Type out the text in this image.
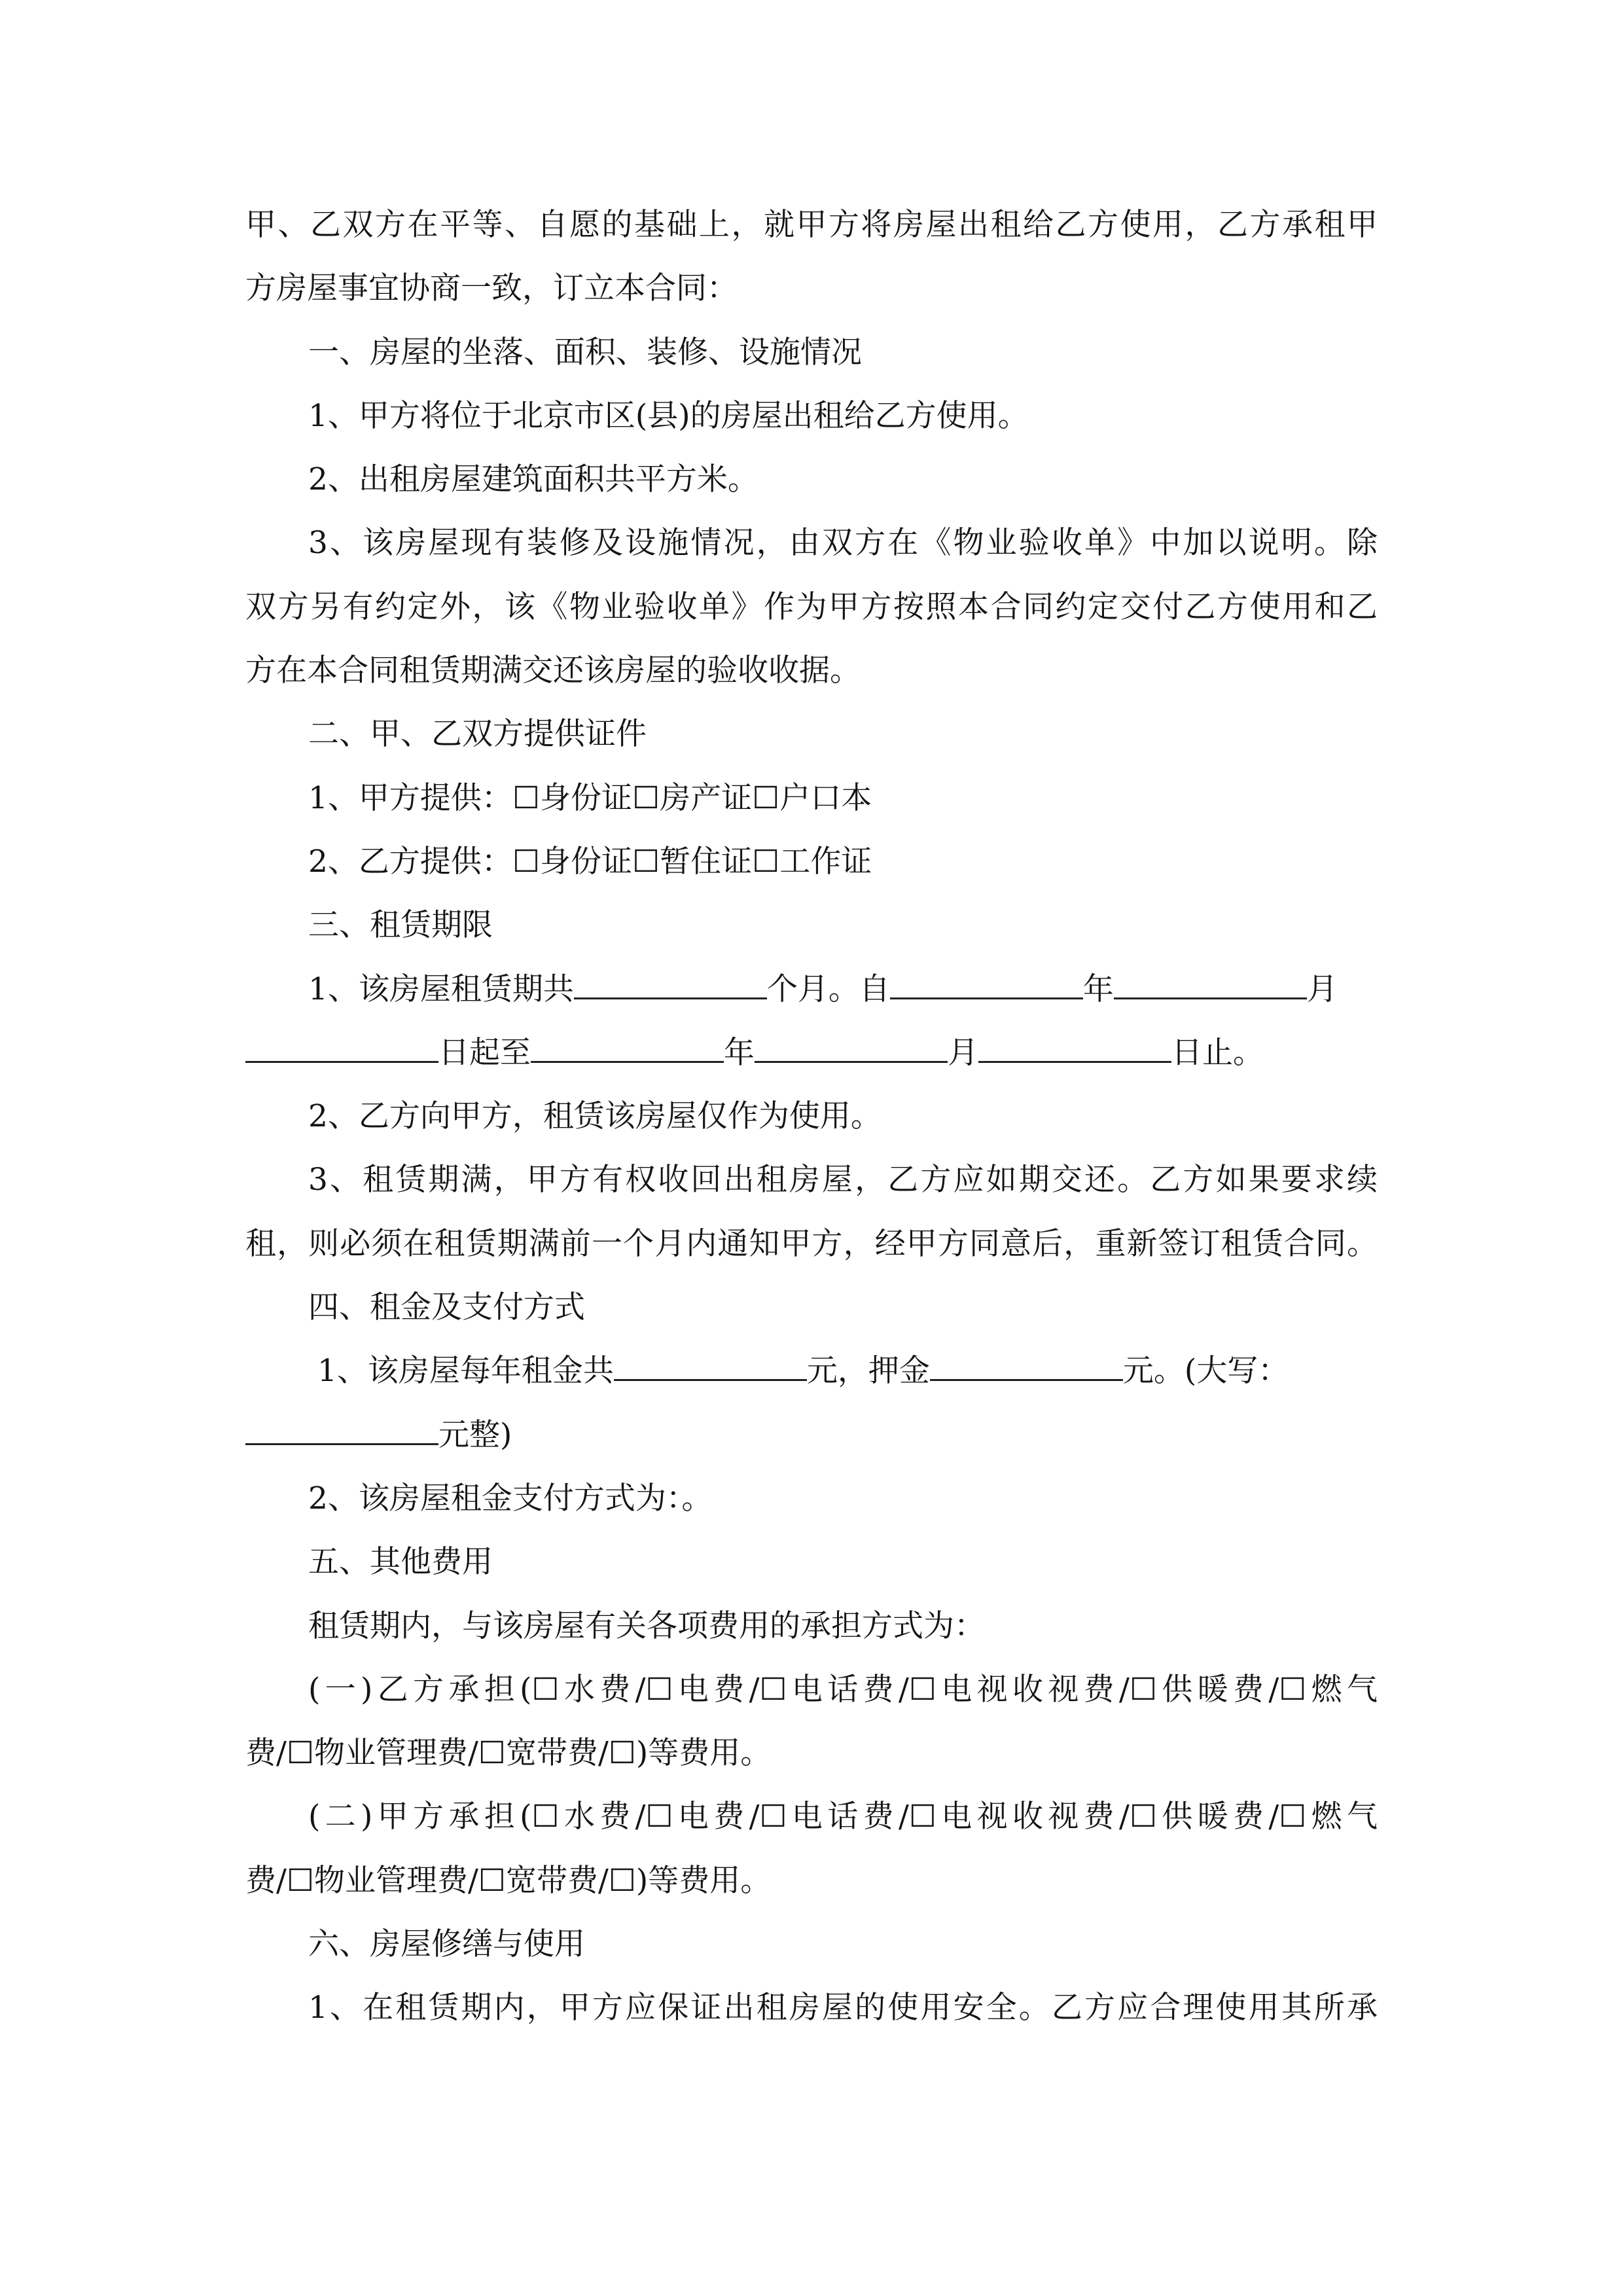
甲、乙双方在平等、自愿的基础上，就甲方将房屋出租给乙方使用，乙方承租甲
方房屋事宜协商一致，订立本合同：
一、房屋的坐落、面积、装修、设施情况
1、甲方将位于北京市区(县)的房屋出租给乙方使用。
2、出租房屋建筑面积共平方米。
3、该房屋现有装修及设施情况，由双方在《物业验收单》中加以说明。除
双方另有约定外，该《物业验收单》作为甲方按照本合同约定交付乙方使用和乙
方在本合同租赁期满交还该房屋的验收收据。
二、甲、乙双方提供证件
1、甲方提供：☐身份证☐房产证☐户口本
2、乙方提供：☐身份证☐暂住证☐工作证
三、租赁期限
1、该房屋租赁期共	个月。自	年	月
日起至	年	月	日止。
2、乙方向甲方，租赁该房屋仅作为使用。
3、租赁期满，甲方有权收回出租房屋，乙方应如期交还。乙方如果要求续
租，则必须在租赁期满前一个月内通知甲方，经甲方同意后，重新签订租赁合同。
四、租金及支付方式
1、该房屋每年租金共	元，押金	元。(大写：
元整)
2、该房屋租金支付方式为：。
五、其他费用
租赁期内，与该房屋有关各项费用的承担方式为：
(一)乙方承担(☐水费/☐电费/☐电话费/☐电视收视费/☐供暖费/☐燃气
费/☐物业管理费/☐宽带费/☐)等费用。
(二)甲方承担(☐水费/☐电费/☐电话费/☐电视收视费/☐供暖费/☐燃气
费/☐物业管理费/☐宽带费/☐)等费用。
六、房屋修缮与使用
1、在租赁期内，甲方应保证出租房屋的使用安全。乙方应合理使用其所承
